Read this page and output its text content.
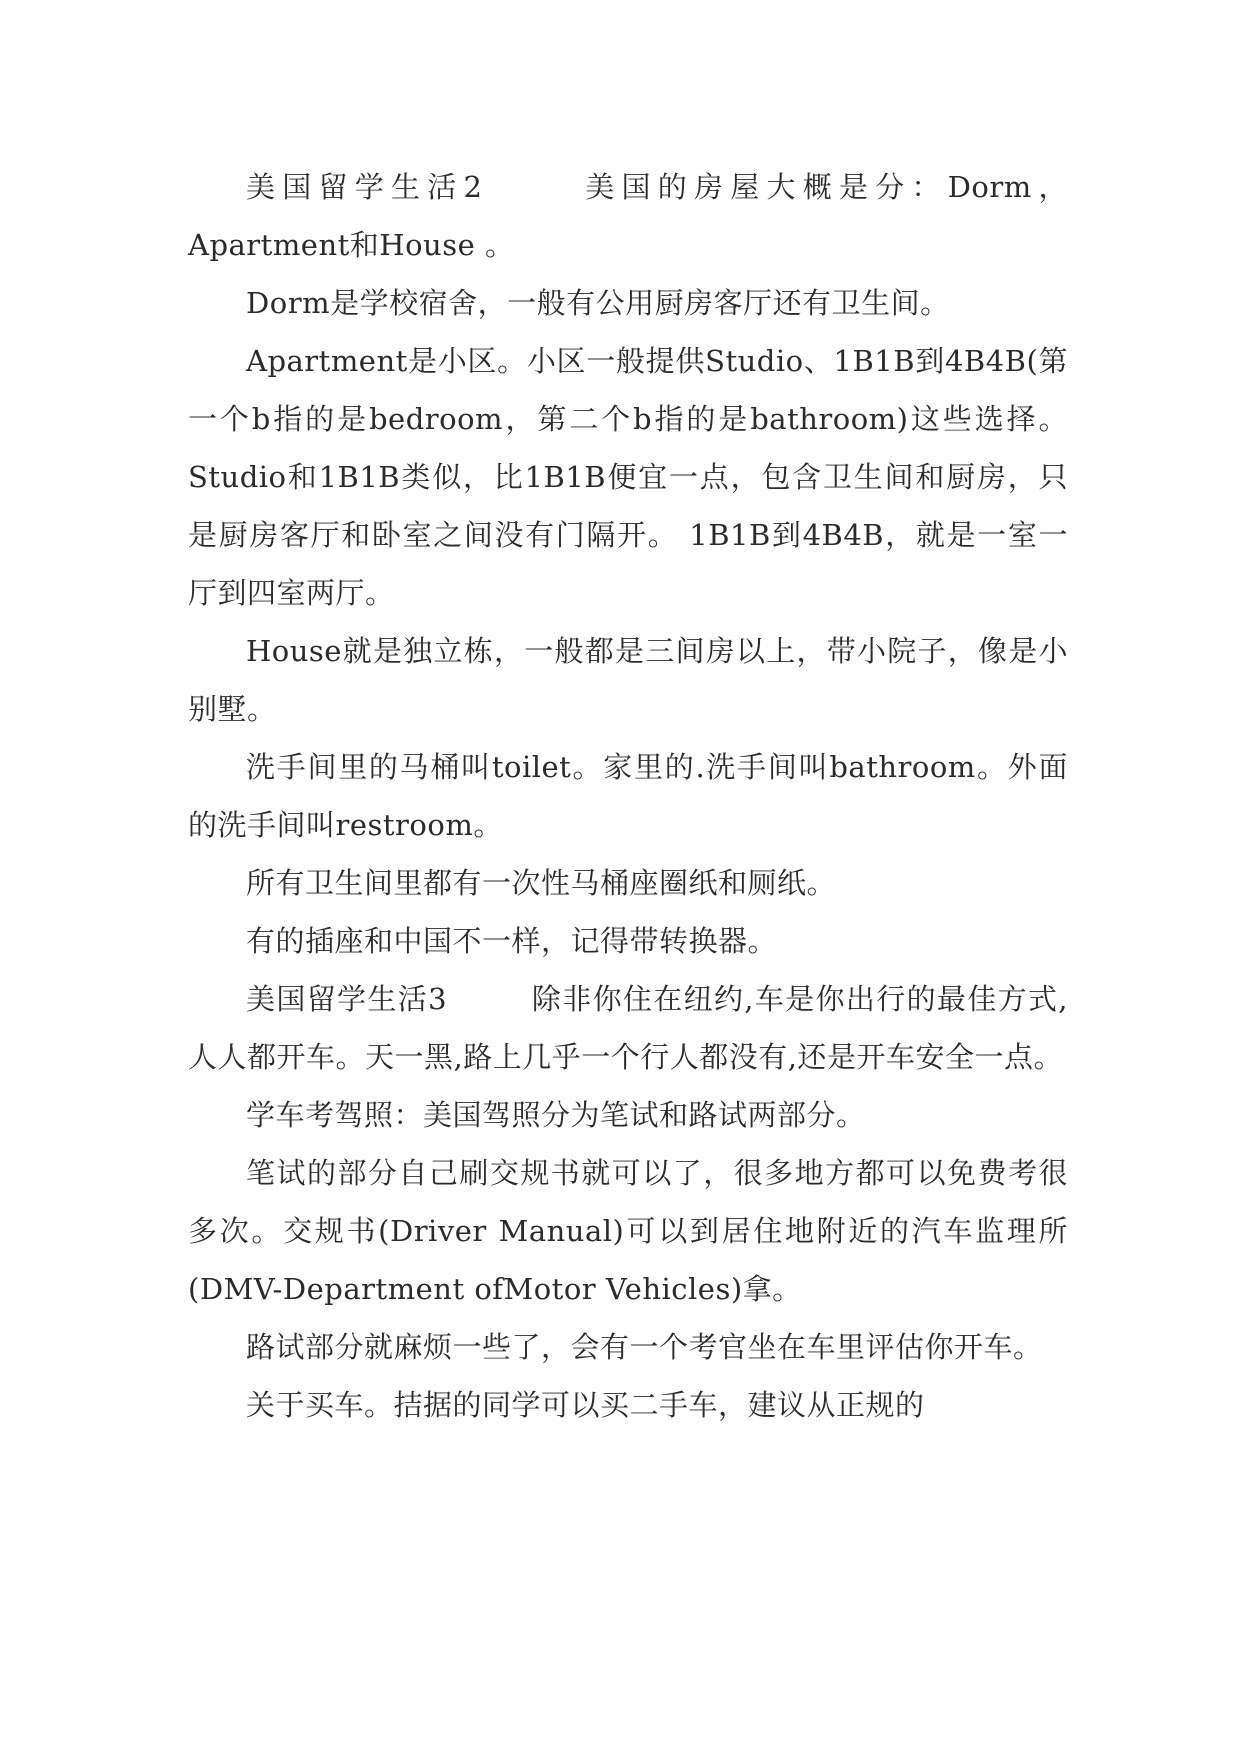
美国留学生活2	美国的房屋大概是分：Dorm，Apartment和House 。

Dorm是学校宿舍，一般有公用厨房客厅还有卫生间。

Apartment是小区。小区一般提供Studio、1B1B到4B4B(第一个b指的是bedroom，第二个b指的是bathroom)这些选择。Studio和1B1B类似，比1B1B便宜一点，包含卫生间和厨房，只是厨房客厅和卧室之间没有门隔开。 1B1B到4B4B，就是一室一厅到四室两厅。

House就是独立栋，一般都是三间房以上，带小院子，像是小别墅。

洗手间里的马桶叫toilet。家里的.洗手间叫bathroom。外面的洗手间叫restroom。

所有卫生间里都有一次性马桶座圈纸和厕纸。

有的插座和中国不一样，记得带转换器。

美国留学生活3	除非你住在纽约,车是你出行的最佳方式,人人都开车。天一黑,路上几乎一个行人都没有,还是开车安全一点。

学车考驾照：美国驾照分为笔试和路试两部分。

笔试的部分自己刷交规书就可以了，很多地方都可以免费考很多次。交规书(Driver Manual)可以到居住地附近的汽车监理所(DMV-Department ofMotor Vehicles)拿。

路试部分就麻烦一些了，会有一个考官坐在车里评估你开车。

关于买车。拮据的同学可以买二手车，建议从正规的
